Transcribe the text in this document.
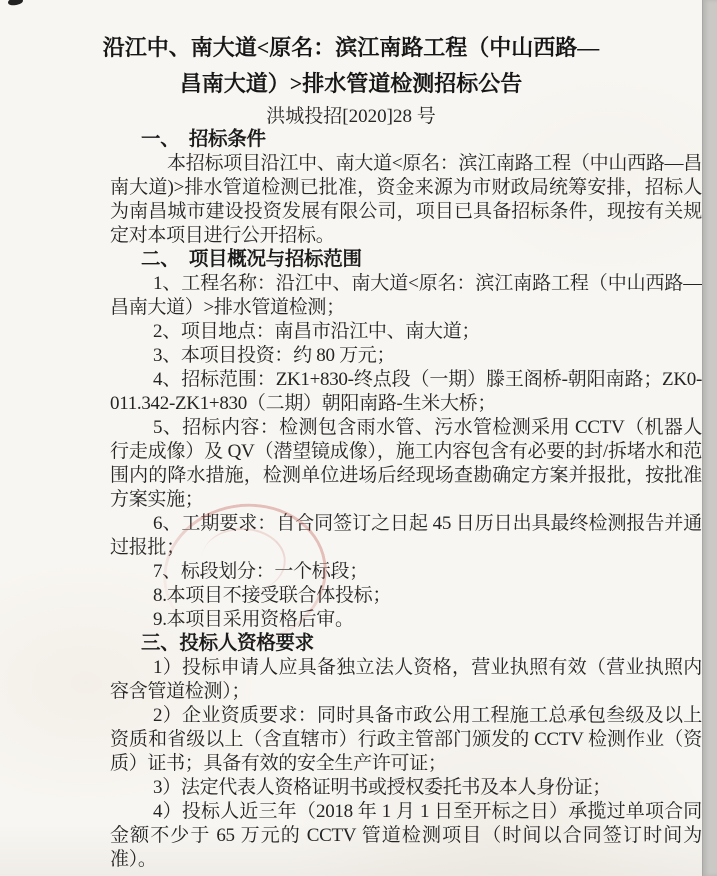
沿江中、南大道<原名：滨江南路工程（中山西路—
昌南大道）>排水管道检测招标公告
洪城投招[2020]28 号
一、　招标条件

本招标项目沿江中、南大道<原名：滨江南路工程（中山西路—昌南大道)>排水管道检测已批准，资金来源为市财政局统筹安排，招标人为南昌城市建设投资发展有限公司，项目已具备招标条件，现按有关规定对本项目进行公开招标。

二、　项目概况与招标范围

1、工程名称：沿江中、南大道<原名：滨江南路工程（中山西路—昌南大道）>排水管道检测；

2、项目地点：南昌市沿江中、南大道；

3、本项目投资：约 80 万元；

4、招标范围：ZK1+830-终点段（一期）滕王阁桥-朝阳南路；ZK0-011.342-ZK1+830（二期）朝阳南路-生米大桥；

5、招标内容：检测包含雨水管、污水管检测采用 CCTV（机器人行走成像）及 QV（潜望镜成像），施工内容包含有必要的封/拆堵水和范围内的降水措施，检测单位进场后经现场查勘确定方案并报批，按批准方案实施；

6、工期要求：自合同签订之日起 45 日历日出具最终检测报告并通过报批；

7、标段划分：一个标段；

8.本项目不接受联合体投标；

9.本项目采用资格后审。

三、投标人资格要求

1）投标申请人应具备独立法人资格，营业执照有效（营业执照内容含管道检测）；

2）企业资质要求：同时具备市政公用工程施工总承包叁级及以上资质和省级以上（含直辖市）行政主管部门颁发的 CCTV 检测作业（资质）证书；具备有效的安全生产许可证；

3）法定代表人资格证明书或授权委托书及本人身份证；

4）投标人近三年（2018 年 1 月 1 日至开标之日）承揽过单项合同金额不少于 65 万元的 CCTV 管道检测项目（时间以合同签订时间为准）。
